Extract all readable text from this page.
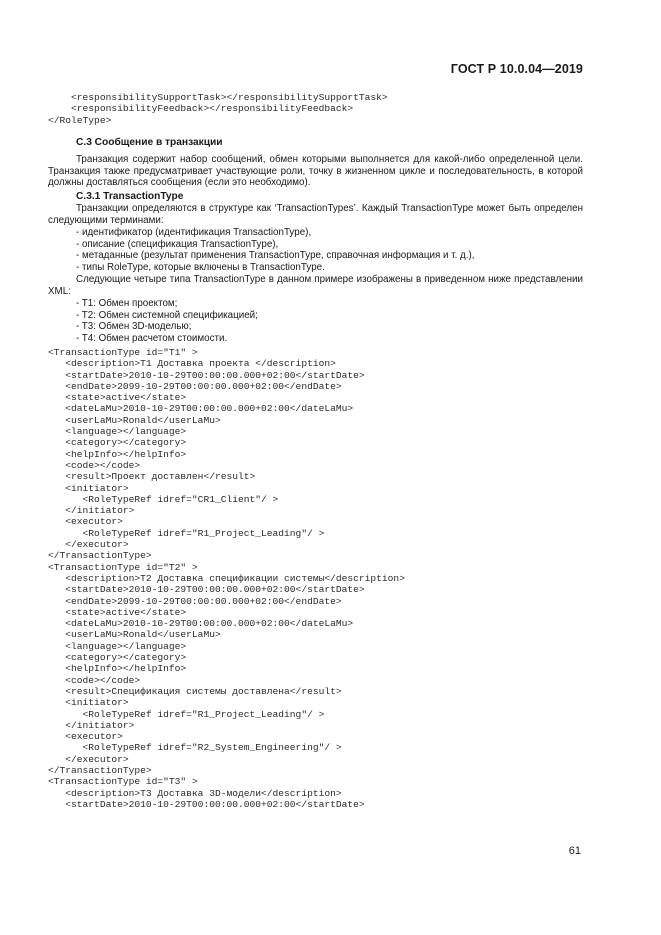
ГОСТ Р 10.0.04—2019
<responsibilitySupportTask></responsibilitySupportTask>
<responsibilityFeedback></responsibilityFeedback>
</RoleType>
C.3 Сообщение в транзакции
Транзакция содержит набор сообщений, обмен которыми выполняется для какой-либо определенной цели. Транзакция также предусматривает участвующие роли, точку в жизненном цикле и последовательность, в которой должны доставляться сообщения (если это необходимо).
C.3.1 TransactionType
Транзакции определяются в структуре как ‘TransactionTypes’. Каждый TransactionType может быть определен следующими терминами:
- идентификатор (идентификация TransactionType),
- описание (спецификация TransactionType),
- метаданные (результат применения TransactionType, справочная информация и т. д.),
- типы RoleType, которые включены в TransactionType.
Следующие четыре типа TransactionType в данном примере изображены в приведенном ниже представлении XML:
- T1: Обмен проектом;
- T2: Обмен системной спецификацией;
- T3: Обмен 3D-моделью;
- T4: Обмен расчетом стоимости.
<TransactionType id="T1" >
<description>T1 Доставка проекта </description>
<startDate>2010-10-29T00:00:00.000+02:00</startDate>
<endDate>2099-10-29T00:00:00.000+02:00</endDate>
<state>active</state>
<dateLaMu>2010-10-29T00:00:00.000+02:00</dateLaMu>
<userLaMu>Ronald</userLaMu>
<language></language>
<category></category>
<helpInfo></helpInfo>
<code></code>
<result>Проект доставлен</result>
<initiator>
<RoleTypeRef idref="CR1_Client"/ >
</initiator>
<executor>
<RoleTypeRef idref="R1_Project_Leading"/ >
</executor>
</TransactionType>
<TransactionType id="T2" >
<description>T2 Доставка спецификации системы</description>
<startDate>2010-10-29T00:00:00.000+02:00</startDate>
<endDate>2099-10-29T00:00:00.000+02:00</endDate>
<state>active</state>
<dateLaMu>2010-10-29T00:00:00.000+02:00</dateLaMu>
<userLaMu>Ronald</userLaMu>
<language></language>
<category></category>
<helpInfo></helpInfo>
<code></code>
<result>Спецификация системы доставлена</result>
<initiator>
<RoleTypeRef idref="R1_Project_Leading"/ >
</initiator>
<executor>
<RoleTypeRef idref="R2_System_Engineering"/ >
</executor>
</TransactionType>
<TransactionType id="T3" >
<description>T3 Доставка 3D-модели</description>
<startDate>2010-10-29T00:00:00.000+02:00</startDate>
61
